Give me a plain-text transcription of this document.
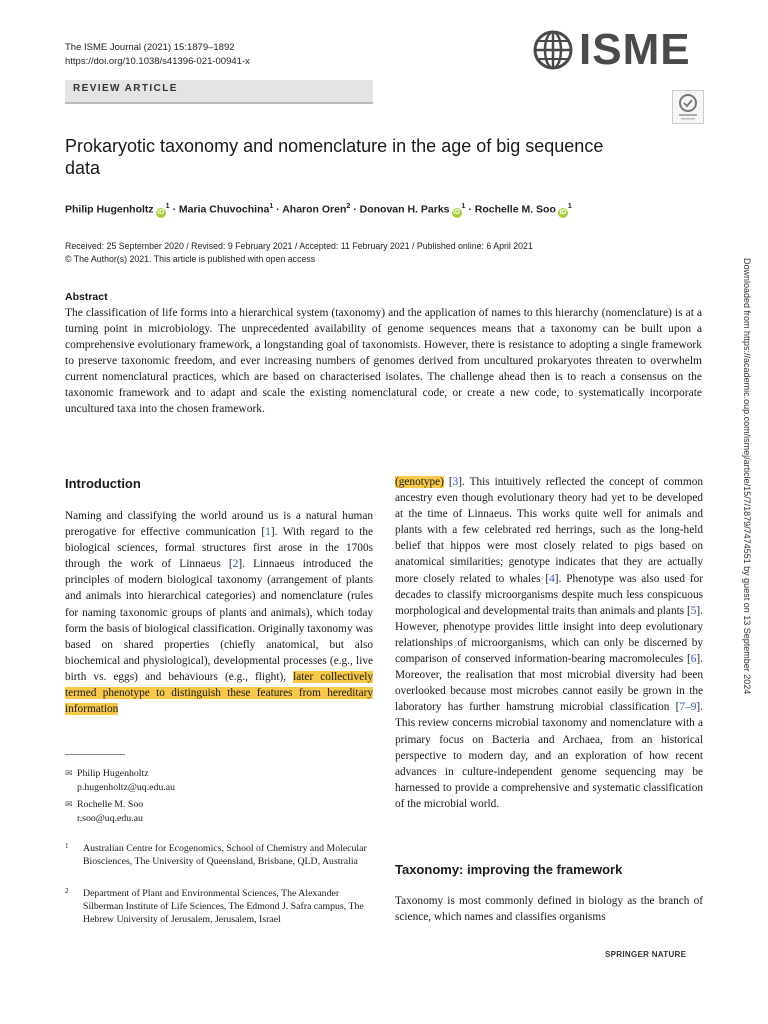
The ISME Journal (2021) 15:1879–1892
https://doi.org/10.1038/s41396-021-00941-x	ISME
REVIEW ARTICLE
Prokaryotic taxonomy and nomenclature in the age of big sequence data
Philip Hugenholtz $iD^1$ · Maria Chuvochina$^1$ · Aharon Oren$^2$ · Donovan H. Parks $iD^1$ · Rochelle M. Soo $iD^1$
Received: 25 September 2020 / Revised: 9 February 2021 / Accepted: 11 February 2021 / Published online: 6 April 2021
© The Author(s) 2021. This article is published with open access
Abstract
The classification of life forms into a hierarchical system (taxonomy) and the application of names to this hierarchy (nomenclature) is at a turning point in microbiology. The unprecedented availability of genome sequences means that a taxonomy can be built upon a comprehensive evolutionary framework, a longstanding goal of taxonomists. However, there is resistance to adopting a single framework to preserve taxonomic freedom, and ever increasing numbers of genomes derived from uncultured prokaryotes threaten to overwhelm current nomenclatural practices, which are based on characterised isolates. The challenge ahead then is to reach a consensus on the taxonomic framework and to adapt and scale the existing nomenclatural code, or create a new code, to systematically incorporate uncultured taxa into the chosen framework.
Introduction
Naming and classifying the world around us is a natural human prerogative for effective communication [1]. With regard to the biological sciences, formal structures first arose in the 1700s through the work of Linnaeus [2]. Linnaeus introduced the principles of modern biological taxonomy (arrangement of plants and animals into hierarchical categories) and nomenclature (rules for naming taxonomic groups of plants and animals), which today form the basis of biological classification. Originally taxonomy was based on shared properties (chiefly anatomical, but also biochemical and physiological), developmental processes (e.g., live birth vs. eggs) and behaviours (e.g., flight), later collectively termed phenotype to distinguish these features from hereditary information
✉ Philip Hugenholtz
p.hugenholtz@uq.edu.au
✉ Rochelle M. Soo
r.soo@uq.edu.au
1 Australian Centre for Ecogenomics, School of Chemistry and Molecular Biosciences, The University of Queensland, Brisbane, QLD, Australia
2 Department of Plant and Environmental Sciences, The Alexander Silberman Institute of Life Sciences, The Edmond J. Safra campus, The Hebrew University of Jerusalem, Jerusalem, Israel
(genotype) [3]. This intuitively reflected the concept of common ancestry even though evolutionary theory had yet to be developed at the time of Linnaeus. This works quite well for animals and plants with a few celebrated red herrings, such as the long-held belief that hippos were most closely related to pigs based on anatomical similarities; genotype indicates that they are actually more closely related to whales [4]. Phenotype was also used for decades to classify microorganisms despite much less conspicuous morphological and developmental traits than animals and plants [5]. However, phenotype provides little insight into deep evolutionary relationships of microorganisms, which can only be discerned by comparison of conserved information-bearing macromolecules [6]. Moreover, the realisation that most microbial diversity had been overlooked because most microbes cannot easily be grown in the laboratory has further hamstrung microbial classification [7–9]. This review concerns microbial taxonomy and nomenclature with a primary focus on Bacteria and Archaea, from an historical perspective to modern day, and an exploration of how recent advances in culture-independent genome sequencing may be harnessed to provide a comprehensive and systematic classification of the microbial world.
Taxonomy: improving the framework
Taxonomy is most commonly defined in biology as the branch of science, which names and classifies organisms
Downloaded from https://academic.oup.com/ismej/article/15/7/1879/7474551 by guest on 13 September 2024
SPRINGER NATURE
